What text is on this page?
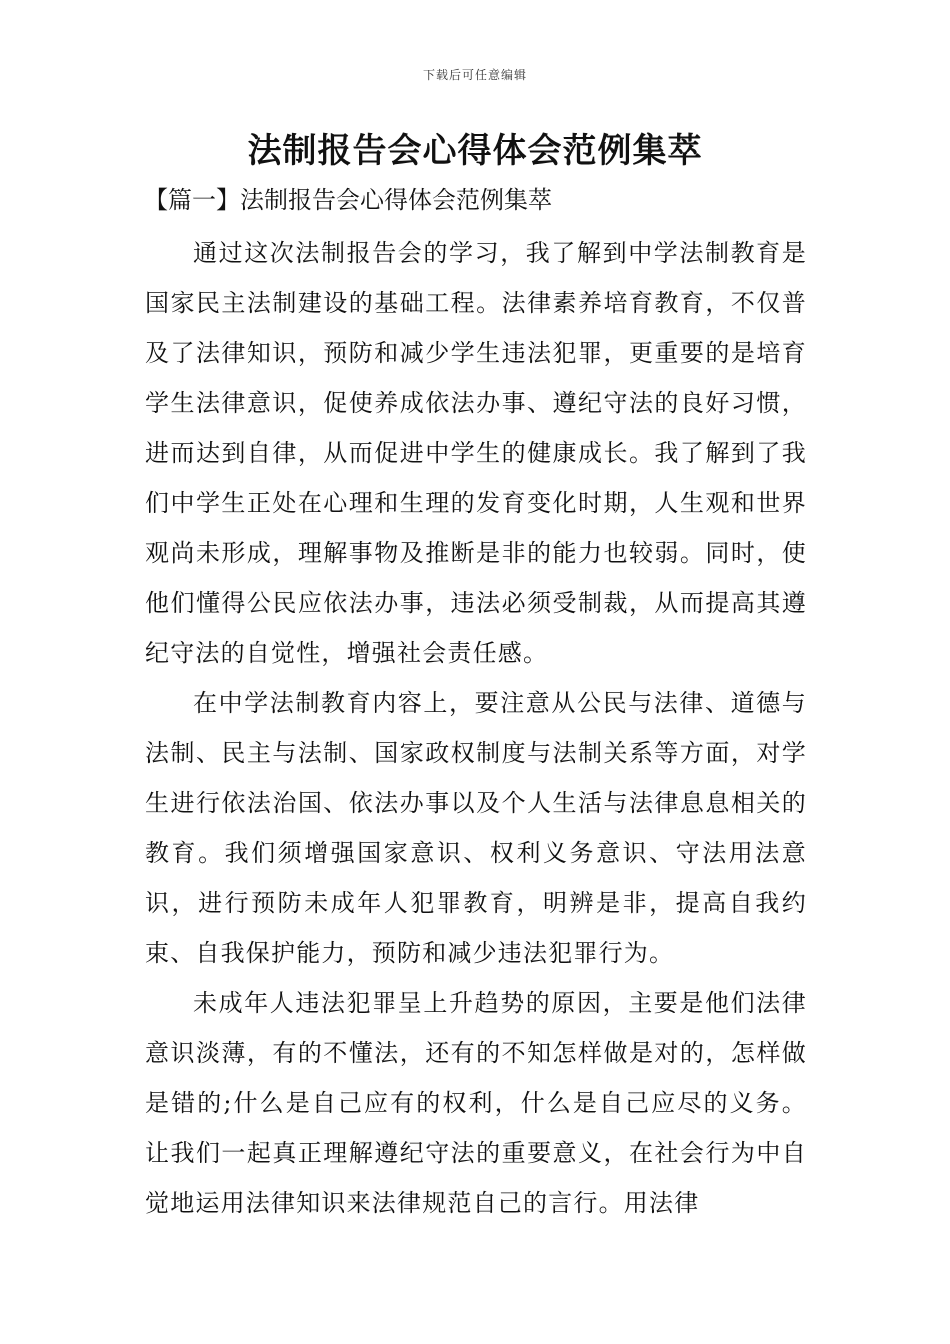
下载后可任意编辑
法制报告会心得体会范例集萃
【篇一】法制报告会心得体会范例集萃

通过这次法制报告会的学习，我了解到中学法制教育是国家民主法制建设的基础工程。法律素养培育教育，不仅普及了法律知识，预防和减少学生违法犯罪，更重要的是培育学生法律意识，促使养成依法办事、遵纪守法的良好习惯，进而达到自律，从而促进中学生的健康成长。我了解到了我们中学生正处在心理和生理的发育变化时期，人生观和世界观尚未形成，理解事物及推断是非的能力也较弱。同时，使他们懂得公民应依法办事，违法必须受制裁，从而提高其遵纪守法的自觉性，增强社会责任感。

在中学法制教育内容上，要注意从公民与法律、道德与法制、民主与法制、国家政权制度与法制关系等方面，对学生进行依法治国、依法办事以及个人生活与法律息息相关的教育。我们须增强国家意识、权利义务意识、守法用法意识，进行预防未成年人犯罪教育，明辨是非，提高自我约束、自我保护能力，预防和减少违法犯罪行为。

未成年人违法犯罪呈上升趋势的原因，主要是他们法律意识淡薄，有的不懂法，还有的不知怎样做是对的，怎样做是错的;什么是自己应有的权利，什么是自己应尽的义务。让我们一起真正理解遵纪守法的重要意义，在社会行为中自觉地运用法律知识来法律规范自己的言行。用法律
